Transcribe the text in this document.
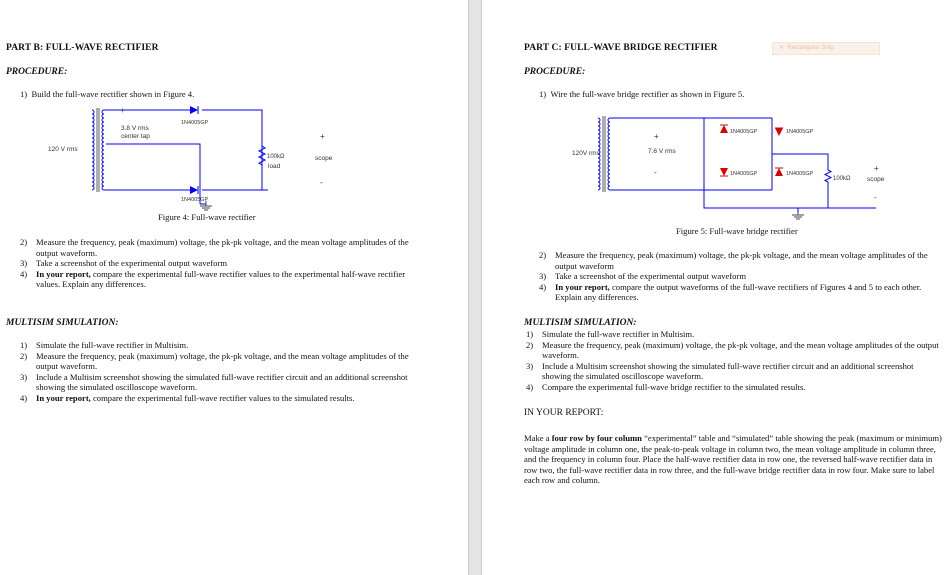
PART B: FULL-WAVE RECTIFIER

PROCEDURE:

1) Build the full-wave rectifier shown in Figure 4.
120 V rms
+
3.8 V rms
center tap
1N4005GP
1N4005GP
100kΩ
load
+
scope
-

Figure 4: Full-wave rectifier

2) Measure the frequency, peak (maximum) voltage, the pk-pk voltage, and the mean voltage amplitudes of the output waveform.
3) Take a screenshot of the experimental output waveform
4) In your report, compare the experimental full-wave rectifier values to the experimental half-wave rectifier values. Explain any differences.

MULTISIM SIMULATION:

1) Simulate the full-wave rectifier in Multisim.
2) Measure the frequency, peak (maximum) voltage, the pk-pk voltage, and the mean voltage amplitudes of the output waveform.
3) Include a Multisim screenshot showing the simulated full-wave rectifier circuit and an additional screenshot showing the simulated oscilloscope waveform.
4) In your report, compare the experimental full-wave rectifier values to the simulated results.

PART C: FULL-WAVE BRIDGE RECTIFIER	✕ Rectangular Snip

PROCEDURE:

1) Wire the full-wave bridge rectifier as shown in Figure 5.
120V rms
+
7.6 V rms
-
1N4005GP	1N4005GP
1N4005GP	1N4005GP
100kΩ
+
scope
-

Figure 5: Full-wave bridge rectifier

2) Measure the frequency, peak (maximum) voltage, the pk-pk voltage, and the mean voltage amplitudes of the output waveform
3) Take a screenshot of the experimental output waveform
4) In your report, compare the output waveforms of the full-wave rectifiers of Figures 4 and 5 to each other. Explain any differences.

MULTISIM SIMULATION:

1) Simulate the full-wave rectifier in Multisim.
2) Measure the frequency, peak (maximum) voltage, the pk-pk voltage, and the mean voltage amplitudes of the output waveform.
3) Include a Multisim screenshot showing the simulated full-wave rectifier circuit and an additional screenshot showing the simulated oscilloscope waveform.
4) Compare the experimental full-wave bridge rectifier to the simulated results.

IN YOUR REPORT:

Make a four row by four column “experimental” table and “simulated” table showing the peak (maximum or minimum) voltage amplitude in column one, the peak-to-peak voltage in column two, the mean voltage amplitude in column three, and the frequency in column four. Place the half-wave rectifier data in row one, the reversed half-wave rectifier data in row two, the full-wave rectifier data in row three, and the full-wave bridge rectifier data in row four. Make sure to label each row and column.
